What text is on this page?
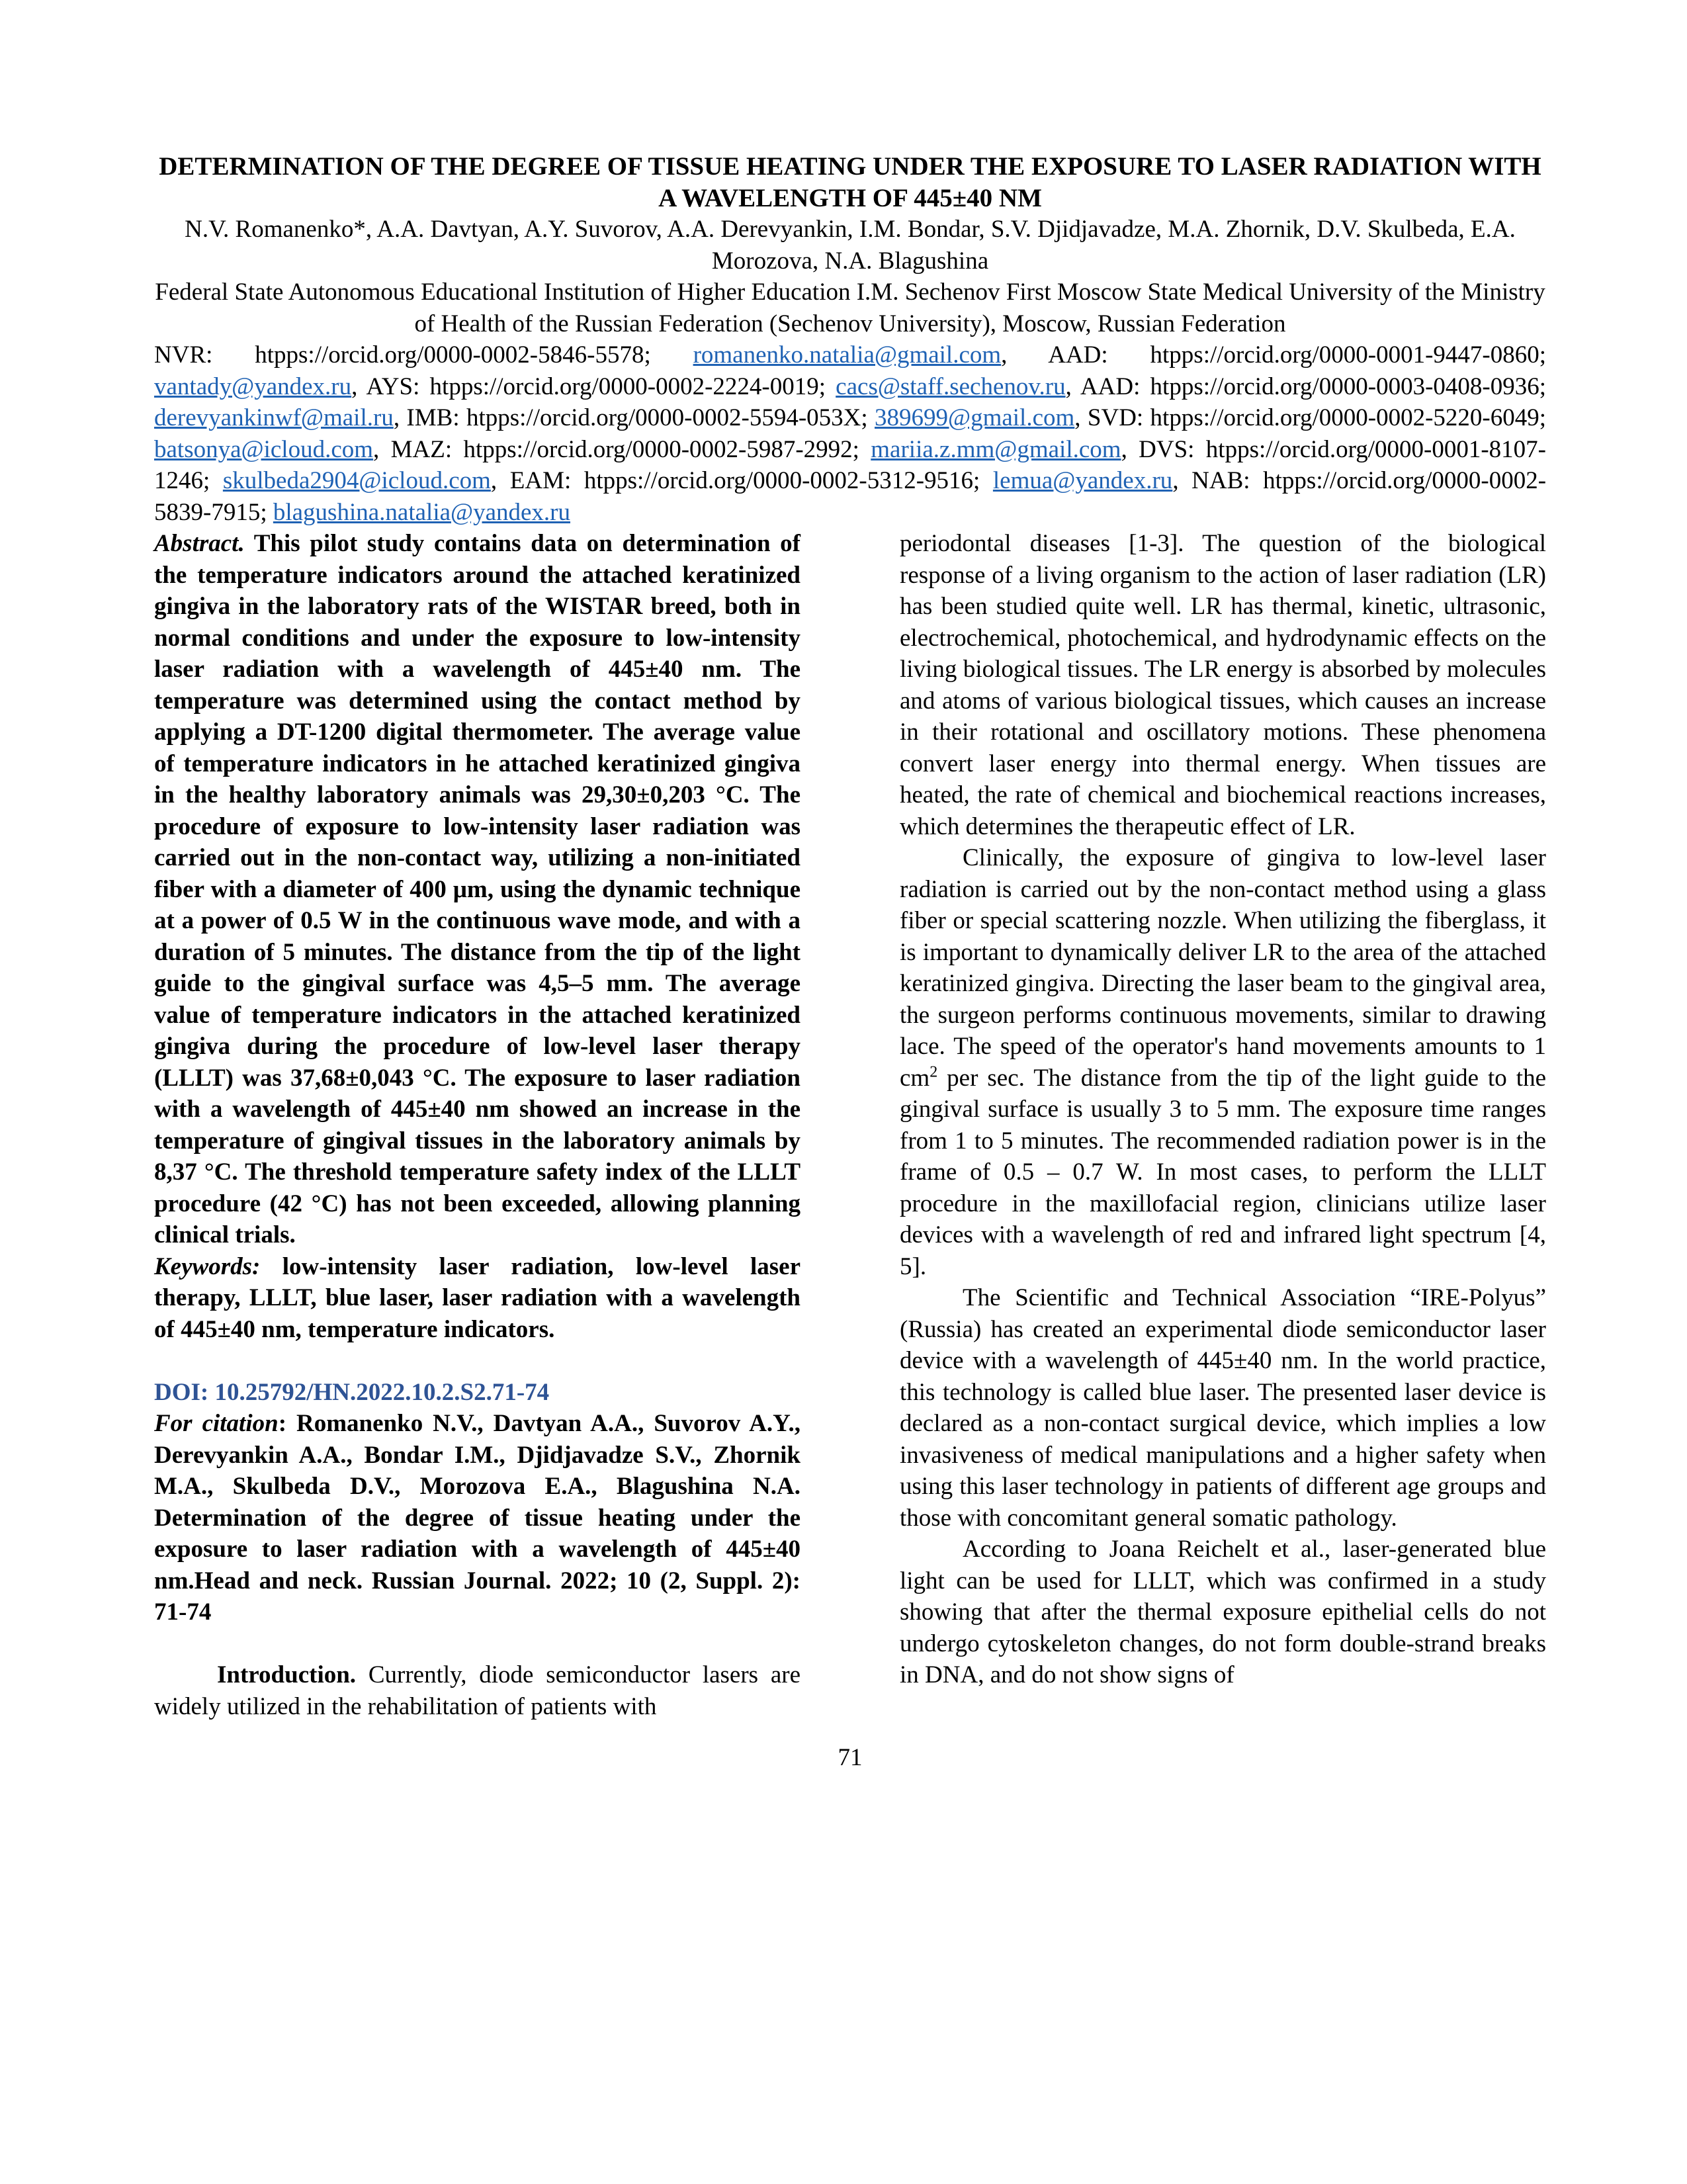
DETERMINATION OF THE DEGREE OF TISSUE HEATING UNDER THE EXPOSURE TO LASER RADIATION WITH A WAVELENGTH OF 445±40 NM

N.V. Romanenko*, A.A. Davtyan, A.Y. Suvorov, A.A. Derevyankin, I.M. Bondar, S.V. Djidjavadze, M.A. Zhornik, D.V. Skulbeda, E.A. Morozova, N.A. Blagushina

Federal State Autonomous Educational Institution of Higher Education I.M. Sechenov First Moscow State Medical University of the Ministry of Health of the Russian Federation (Sechenov University), Moscow, Russian Federation

NVR: htpps://orcid.org/0000-0002-5846-5578; romanenko.natalia@gmail.com, AAD: htpps://orcid.org/0000-0001-9447-0860; vantady@yandex.ru, AYS: htpps://orcid.org/0000-0002-2224-0019; cacs@staff.sechenov.ru, AAD: htpps://orcid.org/0000-0003-0408-0936; derevyankinwf@mail.ru, IMB: htpps://orcid.org/0000-0002-5594-053X; 389699@gmail.com, SVD: htpps://orcid.org/0000-0002-5220-6049; batsonya@icloud.com, MAZ: htpps://orcid.org/0000-0002-5987-2992; mariia.z.mm@gmail.com, DVS: htpps://orcid.org/0000-0001-8107-1246; skulbeda2904@icloud.com, EAM: htpps://orcid.org/0000-0002-5312-9516; lemua@yandex.ru, NAB: htpps://orcid.org/0000-0002-5839-7915; blagushina.natalia@yandex.ru

Abstract. This pilot study contains data on determination of the temperature indicators around the attached keratinized gingiva in the laboratory rats of the WISTAR breed, both in normal conditions and under the exposure to low-intensity laser radiation with a wavelength of 445±40 nm. The temperature was determined using the contact method by applying a DT-1200 digital thermometer. The average value of temperature indicators in he attached keratinized gingiva in the healthy laboratory animals was 29,30±0,203 °C. The procedure of exposure to low-intensity laser radiation was carried out in the non-contact way, utilizing a non-initiated fiber with a diameter of 400 μm, using the dynamic technique at a power of 0.5 W in the continuous wave mode, and with a duration of 5 minutes. The distance from the tip of the light guide to the gingival surface was 4,5–5 mm. The average value of temperature indicators in the attached keratinized gingiva during the procedure of low-level laser therapy (LLLT) was 37,68±0,043 °C. The exposure to laser radiation with a wavelength of 445±40 nm showed an increase in the temperature of gingival tissues in the laboratory animals by 8,37 °C. The threshold temperature safety index of the LLLT procedure (42 °C) has not been exceeded, allowing planning clinical trials.

Keywords: low-intensity laser radiation, low-level laser therapy, LLLT, blue laser, laser radiation with a wavelength of 445±40 nm, temperature indicators.

DOI: 10.25792/HN.2022.10.2.S2.71-74

For citation: Romanenko N.V., Davtyan A.A., Suvorov A.Y., Derevyankin A.A., Bondar I.M., Djidjavadze S.V., Zhornik M.A., Skulbeda D.V., Morozova E.A., Blagushina N.A. Determination of the degree of tissue heating under the exposure to laser radiation with a wavelength of 445±40 nm.Head and neck. Russian Journal. 2022; 10 (2, Suppl. 2): 71-74

Introduction. Currently, diode semiconductor lasers are widely utilized in the rehabilitation of patients with

periodontal diseases [1-3]. The question of the biological response of a living organism to the action of laser radiation (LR) has been studied quite well. LR has thermal, kinetic, ultrasonic, electrochemical, photochemical, and hydrodynamic effects on the living biological tissues. The LR energy is absorbed by molecules and atoms of various biological tissues, which causes an increase in their rotational and oscillatory motions. These phenomena convert laser energy into thermal energy. When tissues are heated, the rate of chemical and biochemical reactions increases, which determines the therapeutic effect of LR.

Clinically, the exposure of gingiva to low-level laser radiation is carried out by the non-contact method using a glass fiber or special scattering nozzle. When utilizing the fiberglass, it is important to dynamically deliver LR to the area of the attached keratinized gingiva. Directing the laser beam to the gingival area, the surgeon performs continuous movements, similar to drawing lace. The speed of the operator's hand movements amounts to 1 $cm^2$ per sec. The distance from the tip of the light guide to the gingival surface is usually 3 to 5 mm. The exposure time ranges from 1 to 5 minutes. The recommended radiation power is in the frame of 0.5 – 0.7 W. In most cases, to perform the LLLT procedure in the maxillofacial region, clinicians utilize laser devices with a wavelength of red and infrared light spectrum [4, 5].

The Scientific and Technical Association “IRE-Polyus” (Russia) has created an experimental diode semiconductor laser device with a wavelength of 445±40 nm. In the world practice, this technology is called blue laser. The presented laser device is declared as a non-contact surgical device, which implies a low invasiveness of medical manipulations and a higher safety when using this laser technology in patients of different age groups and those with concomitant general somatic pathology.

According to Joana Reichelt et al., laser-generated blue light can be used for LLLT, which was confirmed in a study showing that after the thermal exposure epithelial cells do not undergo cytoskeleton changes, do not form double-strand breaks in DNA, and do not show signs of

71
